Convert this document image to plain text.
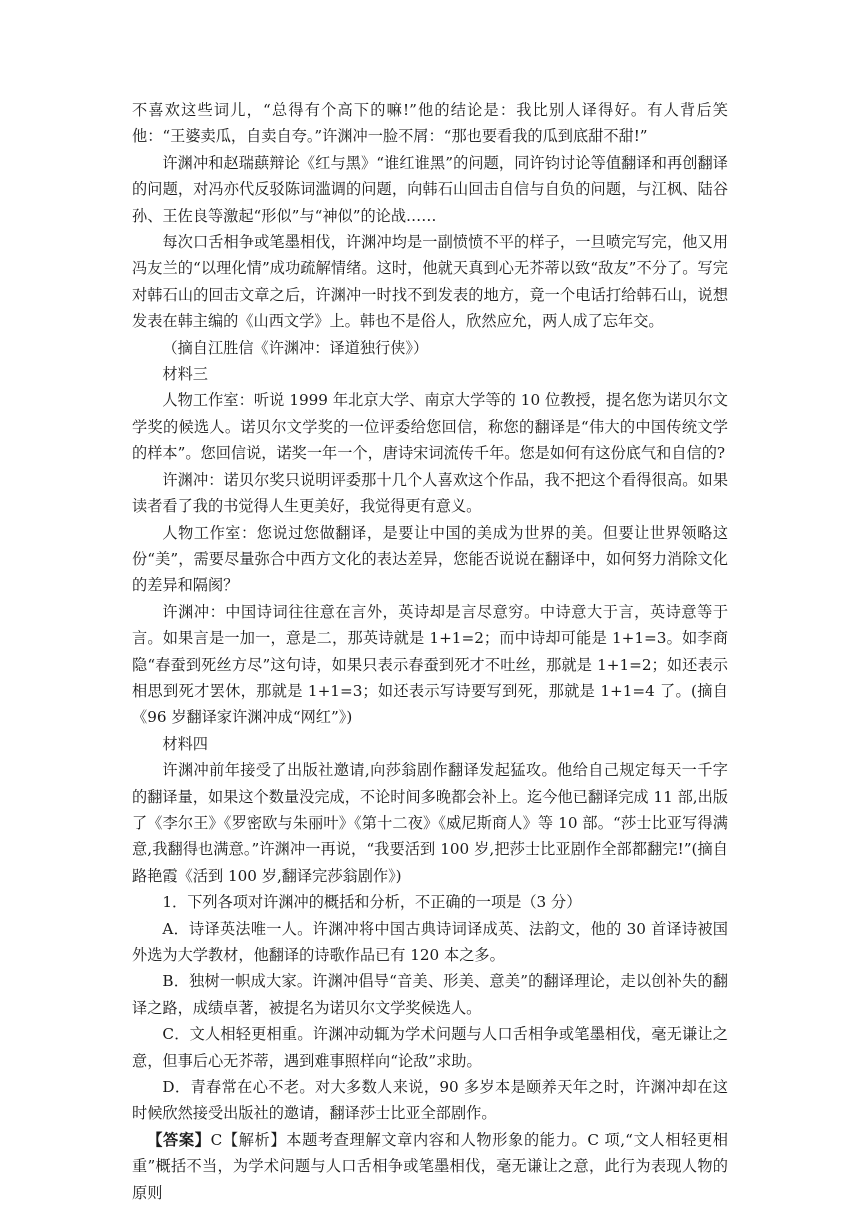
不喜欢这些词儿，“总得有个高下的嘛!”他的结论是：我比别人译得好。有人背后笑他：“王婆卖瓜，自卖自夸。”许渊冲一脸不屑：“那也要看我的瓜到底甜不甜!”

许渊冲和赵瑞蕻辩论《红与黑》“谁红谁黑”的问题，同许钧讨论等值翻译和再创翻译的问题，对冯亦代反驳陈词滥调的问题，向韩石山回击自信与自负的问题，与江枫、陆谷孙、王佐良等激起“形似”与“神似”的论战……

每次口舌相争或笔墨相伐，许渊冲均是一副愤愤不平的样子，一旦喷完写完，他又用冯友兰的“以理化情”成功疏解情绪。这时，他就天真到心无芥蒂以致“敌友”不分了。写完对韩石山的回击文章之后，许渊冲一时找不到发表的地方，竟一个电话打给韩石山，说想发表在韩主编的《山西文学》上。韩也不是俗人，欣然应允，两人成了忘年交。

（摘自江胜信《许渊冲：译道独行侠》）

材料三

人物工作室：听说 1999 年北京大学、南京大学等的 10 位教授，提名您为诺贝尔文学奖的候选人。诺贝尔文学奖的一位评委给您回信，称您的翻译是“伟大的中国传统文学的样本”。您回信说，诺奖一年一个，唐诗宋词流传千年。您是如何有这份底气和自信的?

许渊冲：诺贝尔奖只说明评委那十几个人喜欢这个作品，我不把这个看得很高。如果读者看了我的书觉得人生更美好，我觉得更有意义。

人物工作室：您说过您做翻译，是要让中国的美成为世界的美。但要让世界领略这份“美”，需要尽量弥合中西方文化的表达差异，您能否说说在翻译中，如何努力消除文化的差异和隔阂？

许渊冲：中国诗词往往意在言外，英诗却是言尽意穷。中诗意大于言，英诗意等于言。如果言是一加一，意是二，那英诗就是 1+1=2；而中诗却可能是 1+1=3。如李商隐“春蚕到死丝方尽”这句诗，如果只表示春蚕到死才不吐丝，那就是 1+1=2；如还表示相思到死才罢休，那就是 1+1=3；如还表示写诗要写到死，那就是 1+1=4 了。(摘自《96 岁翻译家许渊冲成“网红”》)

材料四

许渊冲前年接受了出版社邀请,向莎翁剧作翻译发起猛攻。他给自己规定每天一千字的翻译量，如果这个数量没完成，不论时间多晚都会补上。迄今他已翻译完成 11 部,出版了《李尔王》《罗密欧与朱丽叶》《第十二夜》《威尼斯商人》等 10 部。“莎士比亚写得满意,我翻得也满意。”许渊冲一再说，“我要活到 100 岁,把莎士比亚剧作全部都翻完!”(摘自路艳霞《活到 100 岁,翻译完莎翁剧作》)

1．下列各项对许渊冲的概括和分析，不正确的一项是（3 分）

A．诗译英法唯一人。许渊冲将中国古典诗词译成英、法韵文，他的 30 首译诗被国外选为大学教材，他翻译的诗歌作品已有 120 本之多。

B．独树一帜成大家。许渊冲倡导“音美、形美、意美”的翻译理论，走以创补失的翻译之路，成绩卓著，被提名为诺贝尔文学奖候选人。

C．文人相轻更相重。许渊冲动辄为学术问题与人口舌相争或笔墨相伐，毫无谦让之意，但事后心无芥蒂，遇到难事照样向“论敌”求助。

D．青春常在心不老。对大多数人来说，90 多岁本是颐养天年之时，许渊冲却在这时候欣然接受出版社的邀请，翻译莎士比亚全部剧作。

【答案】C【解析】本题考查理解文章内容和人物形象的能力。C 项,“文人相轻更相重”概括不当，为学术问题与人口舌相争或笔墨相伐，毫无谦让之意，此行为表现人物的原则
